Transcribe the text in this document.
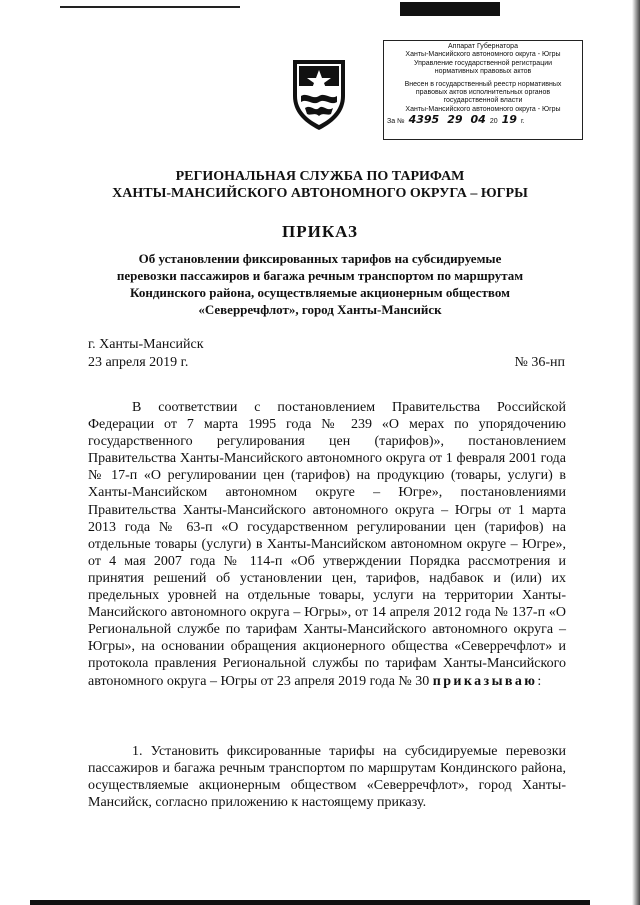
Аппарат Губернатора
Ханты-Мансийского автономного округа - Югры
Управление государственной регистрации
нормативных правовых актов
Внесен в государственный реестр нормативных
правовых актов исполнительных органов
государственной власти
Ханты-Мансийского автономного округа - Югры
За № 4395 29 04 20 19 г.
РЕГИОНАЛЬНАЯ СЛУЖБА ПО ТАРИФАМ
ХАНТЫ-МАНСИЙСКОГО АВТОНОМНОГО ОКРУГА – ЮГРЫ
ПРИКАЗ
Об установлении фиксированных тарифов на субсидируемые
перевозки пассажиров и багажа речным транспортом по маршрутам
Кондинского района, осуществляемые акционерным обществом
«Северречфлот», город Ханты-Мансийск
г. Ханты-Мансийск
23 апреля 2019 г.	№ 36-нп
В соответствии с постановлением Правительства Российской Федерации от 7 марта 1995 года № 239 «О мерах по упорядочению государственного регулирования цен (тарифов)», постановлением Правительства Ханты-Мансийского автономного округа от 1 февраля 2001 года № 17-п «О регулировании цен (тарифов) на продукцию (товары, услуги) в Ханты-Мансийском автономном округе – Югре», постановлениями Правительства Ханты-Мансийского автономного округа – Югры от 1 марта 2013 года № 63-п «О государственном регулировании цен (тарифов) на отдельные товары (услуги) в Ханты-Мансийском автономном округе – Югре», от 4 мая 2007 года № 114-п «Об утверждении Порядка рассмотрения и принятия решений об установлении цен, тарифов, надбавок и (или) их предельных уровней на отдельные товары, услуги на территории Ханты-Мансийского автономного округа – Югры», от 14 апреля 2012 года № 137-п «О Региональной службе по тарифам Ханты-Мансийского автономного округа – Югры», на основании обращения акционерного общества «Северречфлот» и протокола правления Региональной службы по тарифам Ханты-Мансийского автономного округа – Югры от 23 апреля 2019 года № 30 приказываю:
1. Установить фиксированные тарифы на субсидируемые перевозки пассажиров и багажа речным транспортом по маршрутам Кондинского района, осуществляемые акционерным обществом «Северречфлот», город Ханты-Мансийск, согласно приложению к настоящему приказу.
